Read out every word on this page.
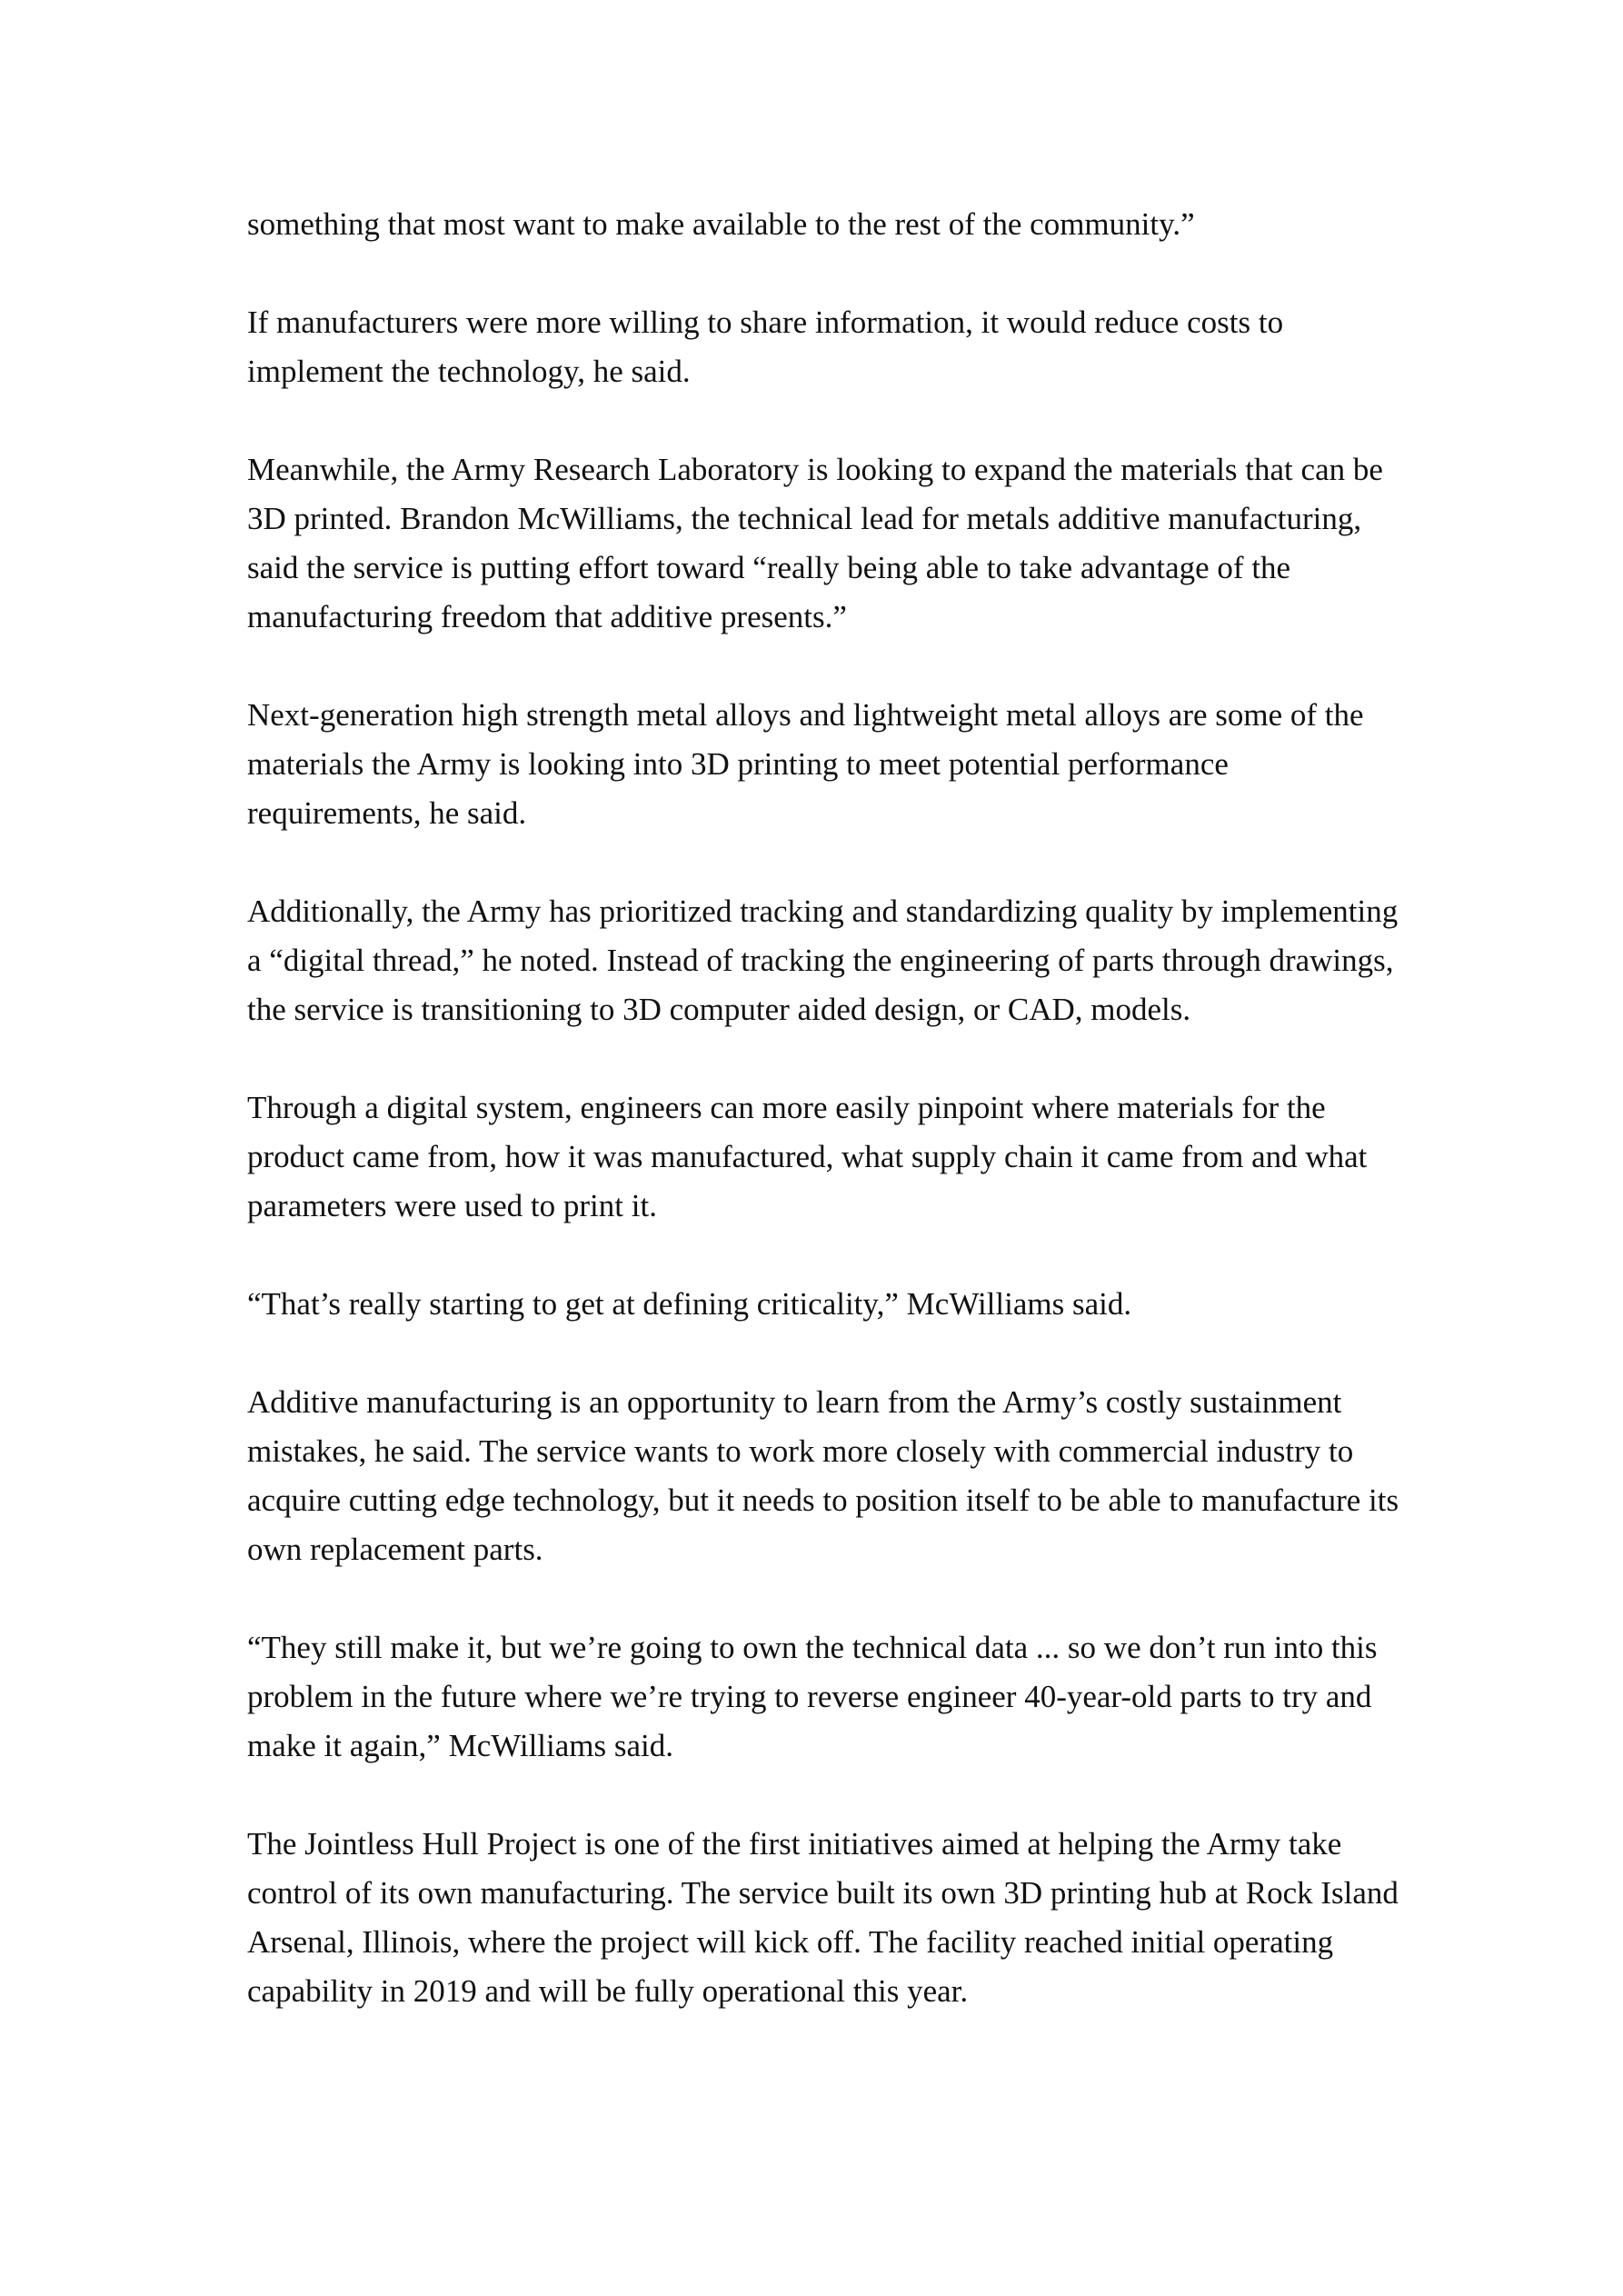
something that most want to make available to the rest of the community.”

If manufacturers were more willing to share information, it would reduce costs to implement the technology, he said.

Meanwhile, the Army Research Laboratory is looking to expand the materials that can be 3D printed. Brandon McWilliams, the technical lead for metals additive manufacturing, said the service is putting effort toward “really being able to take advantage of the manufacturing freedom that additive presents.”

Next-generation high strength metal alloys and lightweight metal alloys are some of the materials the Army is looking into 3D printing to meet potential performance requirements, he said.

Additionally, the Army has prioritized tracking and standardizing quality by implementing a “digital thread,” he noted. Instead of tracking the engineering of parts through drawings, the service is transitioning to 3D computer aided design, or CAD, models.

Through a digital system, engineers can more easily pinpoint where materials for the product came from, how it was manufactured, what supply chain it came from and what parameters were used to print it.

“That’s really starting to get at defining criticality,” McWilliams said.

Additive manufacturing is an opportunity to learn from the Army’s costly sustainment mistakes, he said. The service wants to work more closely with commercial industry to acquire cutting edge technology, but it needs to position itself to be able to manufacture its own replacement parts.

“They still make it, but we’re going to own the technical data ... so we don’t run into this problem in the future where we’re trying to reverse engineer 40-year-old parts to try and make it again,” McWilliams said.

The Jointless Hull Project is one of the first initiatives aimed at helping the Army take control of its own manufacturing. The service built its own 3D printing hub at Rock Island Arsenal, Illinois, where the project will kick off. The facility reached initial operating capability in 2019 and will be fully operational this year.
